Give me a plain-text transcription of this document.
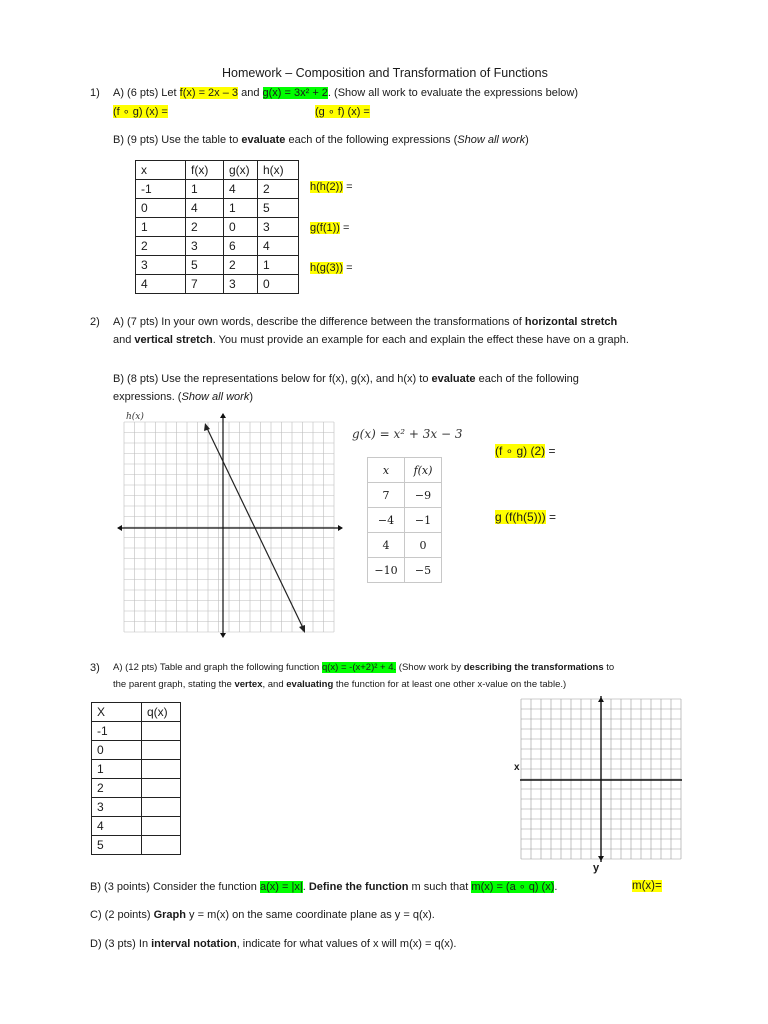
Homework – Composition and Transformation of Functions
1) A) (6 pts) Let f(x) = 2x – 3 and g(x) = 3x² + 2. (Show all work to evaluate the expressions below)
(f ∘ g) (x) =	(g ∘ f) (x) =
B) (9 pts) Use the table to evaluate each of the following expressions (Show all work)
x	f(x)	g(x)	h(x)
-1	1	4	2
0	4	1	5
1	2	0	3
2	3	6	4
3	5	2	1
4	7	3	0
h(h(2)) =
g(f(1)) =
h(g(3)) =
2) A) (7 pts) In your own words, describe the difference between the transformations of horizontal stretch
and vertical stretch. You must provide an example for each and explain the effect these have on a graph.
B) (8 pts) Use the representations below for f(x), g(x), and h(x) to evaluate each of the following
expressions. (Show all work)
h(x)
g(x) = x² + 3x − 3
x	f(x)
7	−9
−4	−1
4	0
−10	−5
(f ∘ g) (2) =
g (f(h(5))) =
3) A) (12 pts) Table and graph the following function q(x) = -(x+2)² + 4. (Show work by describing the transformations to
the parent graph, stating the vertex, and evaluating the function for at least one other x-value on the table.)
X	q(x)
-1	
0	
1	
2	
3	
4	
5	
x
y
B) (3 points) Consider the function a(x) = |x|. Define the function m such that m(x) = (a ∘ q) (x).	m(x)=
C) (2 points) Graph y = m(x) on the same coordinate plane as y = q(x).
D) (3 pts) In interval notation, indicate for what values of x will m(x) = q(x).
